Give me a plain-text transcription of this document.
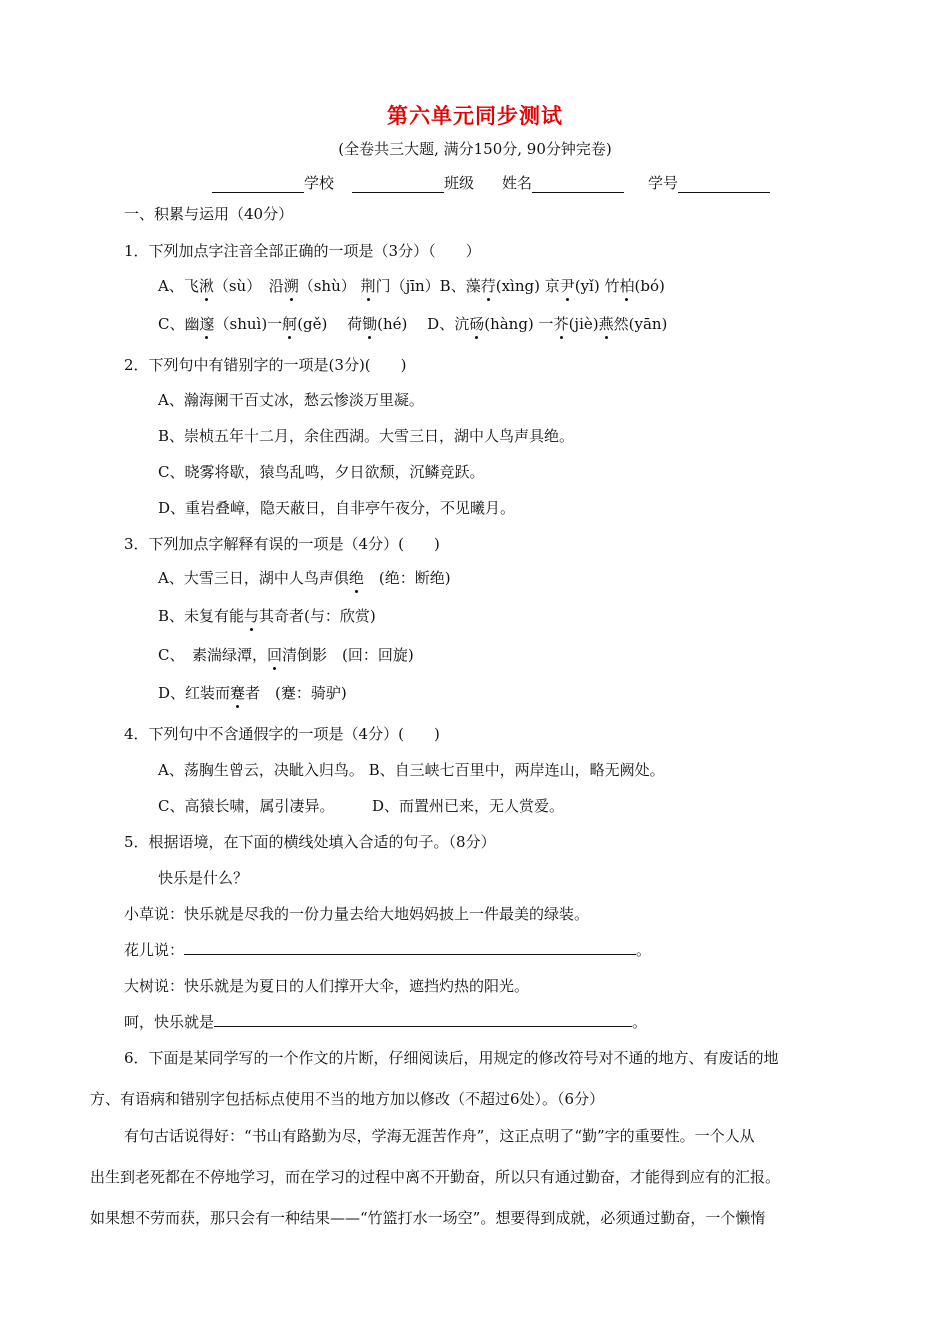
第六单元同步测试
(全卷共三大题, 满分150分, 90分钟完卷)
学校	班级 姓名	学号
一、积累与运用（40分）
1．下列加点字注音全部正确的一项是（3分）（　　）
A、飞湫（sù）　沿溯（shù） 荆门（jīn）B、藻荇(xìng) 京尹(yǐ) 竹柏(bó)
C、幽邃（shuì)一舸(gě)　 荷锄(hé)　 D、沆砀(hàng) 一芥(jiè)燕然(yān)
2．下列句中有错别字的一项是(3分)(　　)
A、瀚海阑干百丈冰，愁云惨淡万里凝。
B、崇桢五年十二月，余住西湖。大雪三日，湖中人鸟声具绝。
C、晓雾将歇，猿鸟乱鸣，夕日欲颓，沉鳞竞跃。
D、重岩叠嶂，隐天蔽日，自非亭午夜分，不见曦月。
3．下列加点字解释有误的一项是（4分）(　　)
A、大雪三日，湖中人鸟声俱绝　(绝：断绝)
B、未复有能与其奇者(与：欣赏)
C、　素湍绿潭，回清倒影　(回：回旋)
D、红装而蹇者　(蹇：骑驴)
4．下列句中不含通假字的一项是（4分）(　　)
A、荡胸生曾云，决眦入归鸟。 B、自三峡七百里中，两岸连山，略无阙处。
C、高猿长啸，属引凄异。　　　D、而置州已来，无人赏爱。
5．根据语境，在下面的横线处填入合适的句子。（8分）
快乐是什么？
小草说：快乐就是尽我的一份力量去给大地妈妈披上一件最美的绿装。
花儿说：	。
大树说：快乐就是为夏日的人们撑开大伞，遮挡灼热的阳光。
呵，快乐就是	。
6．下面是某同学写的一个作文的片断，仔细阅读后，用规定的修改符号对不通的地方、有废话的地
方、有语病和错别字包括标点使用不当的地方加以修改（不超过6处）。（6分）
有句古话说得好：“书山有路勤为尽，学海无涯苦作舟”，这正点明了“勤”字的重要性。一个人从
出生到老死都在不停地学习，而在学习的过程中离不开勤奋，所以只有通过勤奋，才能得到应有的汇报。
如果想不劳而获，那只会有一种结果——“竹篮打水一场空”。想要得到成就，必须通过勤奋，一个懒惰
